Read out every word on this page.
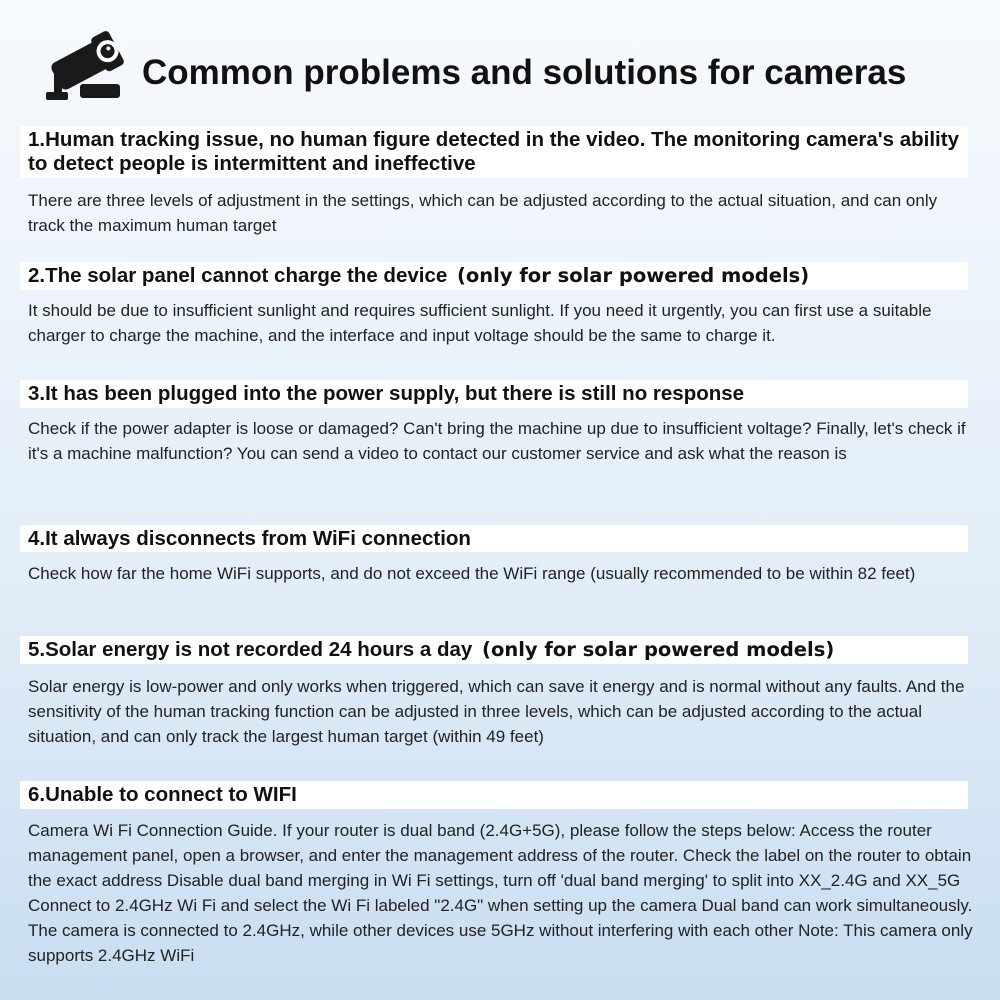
Common problems and solutions for cameras

1.Human tracking issue, no human figure detected in the video. The monitoring camera's ability to detect people is intermittent and ineffective

There are three levels of adjustment in the settings, which can be adjusted according to the actual situation, and can only track the maximum human target

2.The solar panel cannot charge the device (only for solar powered models)

It should be due to insufficient sunlight and requires sufficient sunlight. If you need it urgently, you can first use a suitable charger to charge the machine, and the interface and input voltage should be the same to charge it.

3.It has been plugged into the power supply, but there is still no response

Check if the power adapter is loose or damaged? Can't bring the machine up due to insufficient voltage? Finally, let's check if it's a machine malfunction? You can send a video to contact our customer service and ask what the reason is

4.It always disconnects from WiFi connection

Check how far the home WiFi supports, and do not exceed the WiFi range (usually recommended to be within 82 feet)

5.Solar energy is not recorded 24 hours a day (only for solar powered models)

Solar energy is low-power and only works when triggered, which can save it energy and is normal without any faults. And the sensitivity of the human tracking function can be adjusted in three levels, which can be adjusted according to the actual situation, and can only track the largest human target (within 49 feet)

6.Unable to connect to WIFI

Camera Wi Fi Connection Guide. If your router is dual band (2.4G+5G), please follow the steps below: Access the router management panel, open a browser, and enter the management address of the router. Check the label on the router to obtain the exact address Disable dual band merging in Wi Fi settings, turn off 'dual band merging' to split into XX_2.4G and XX_5G Connect to 2.4GHz Wi Fi and select the Wi Fi labeled "2.4G" when setting up the camera Dual band can work simultaneously. The camera is connected to 2.4GHz, while other devices use 5GHz without interfering with each other Note: This camera only supports 2.4GHz WiFi
